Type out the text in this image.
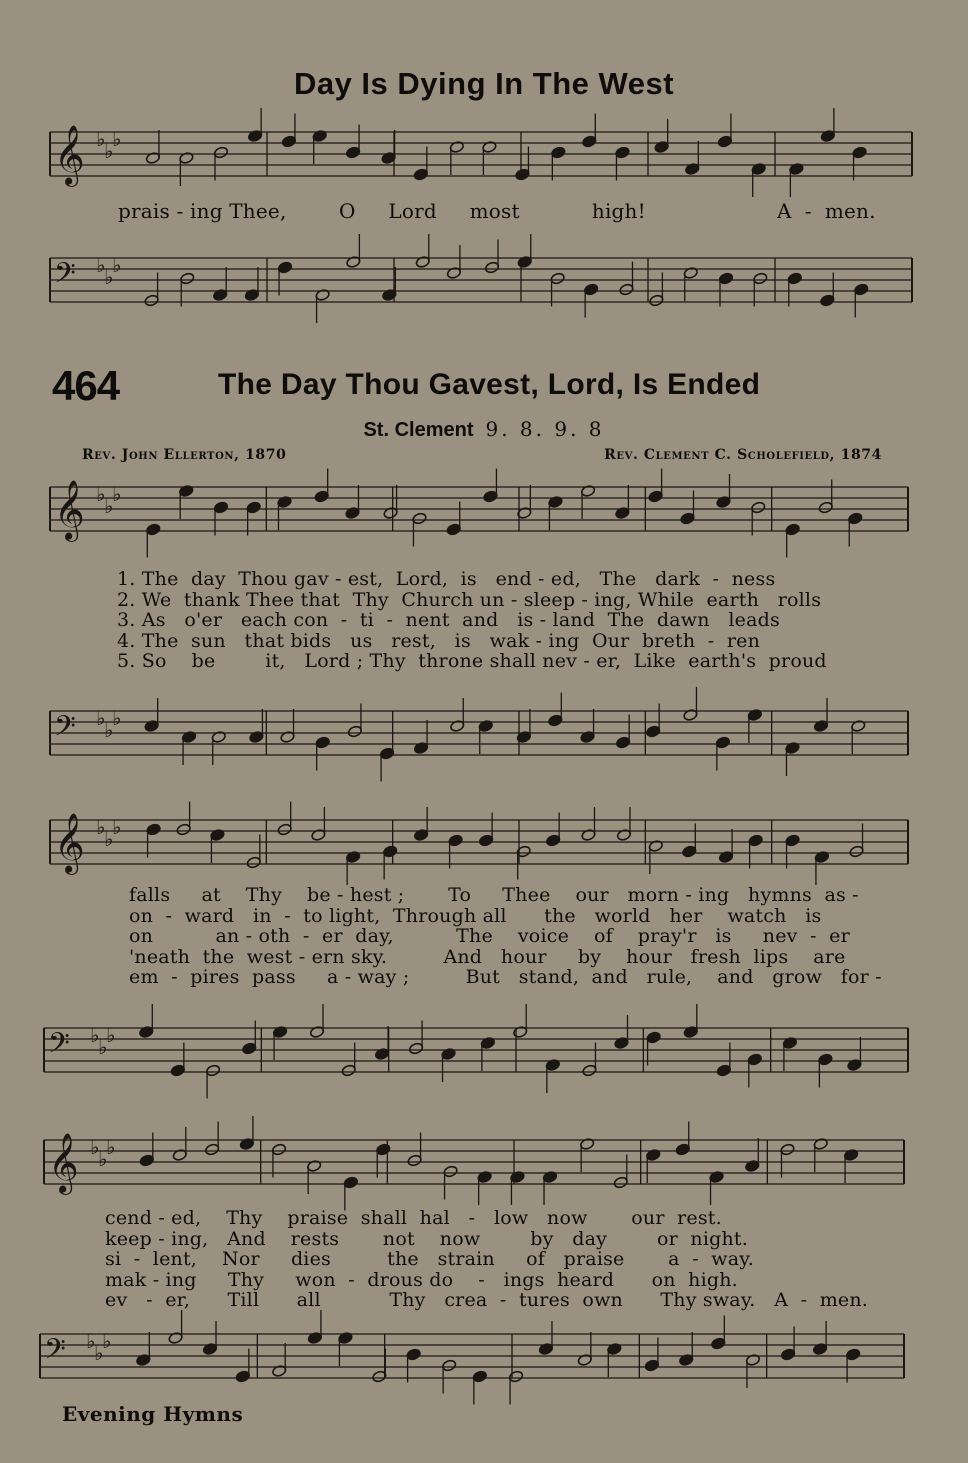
Day Is Dying In The West
𝄞 ♭
♭
♭
𝄢 ♭
♭
♭
𝄞 ♭
♭
♭
𝄢 ♭
♭
♭
𝄞 ♭
♭
♭
𝄢 ♭
♭
♭
𝄞 ♭
♭
♭
𝄢 ♭
♭
♭
prais - ing Thee,        O     Lord     most           high!                    A  -  men.
464	The Day Thou Gavest, Lord, Is Ended
St. Clement 9. 8. 9. 8
Rev. John Ellerton, 1870	Rev. Clement C. Scholefield, 1874
1. The  day  Thou gav - est,  Lord,  is   end - ed,   The   dark  -  ness
2. We  thank Thee that  Thy  Church un - sleep - ing, While  earth   rolls
3. As   o'er   each con  -  ti  -  nent  and   is - land  The  dawn   leads
4. The  sun   that bids   us   rest,   is   wak - ing  Our  breth  -  ren
5. So    be        it,   Lord ; Thy  throne shall nev - er,  Like  earth's  proud
falls     at    Thy    be - hest ;       To     Thee    our   morn - ing   hymns  as -
on  -  ward   in  -  to light,  Through all      the   world   her    watch   is
on          an - oth  -  er  day,          The    voice    of    pray'r   is     nev  -  er
'neath  the  west - ern sky.         And   hour     by    hour   fresh  lips    are
em  -  pires  pass     a - way ;         But   stand,  and   rule,    and   grow   for -
cend - ed,    Thy    praise  shall  hal   -   low   now       our  rest.
keep - ing,   And    rests       not    now        by   day        or  night.
si  -  lent,    Nor     dies         the   strain     of   praise       a  -  way.
mak - ing     Thy     won  -  drous do    -   ings  heard      on  high.
ev   -  er,      Till      all           Thy   crea  -  tures  own      Thy sway.   A  -  men.
Evening Hymns
